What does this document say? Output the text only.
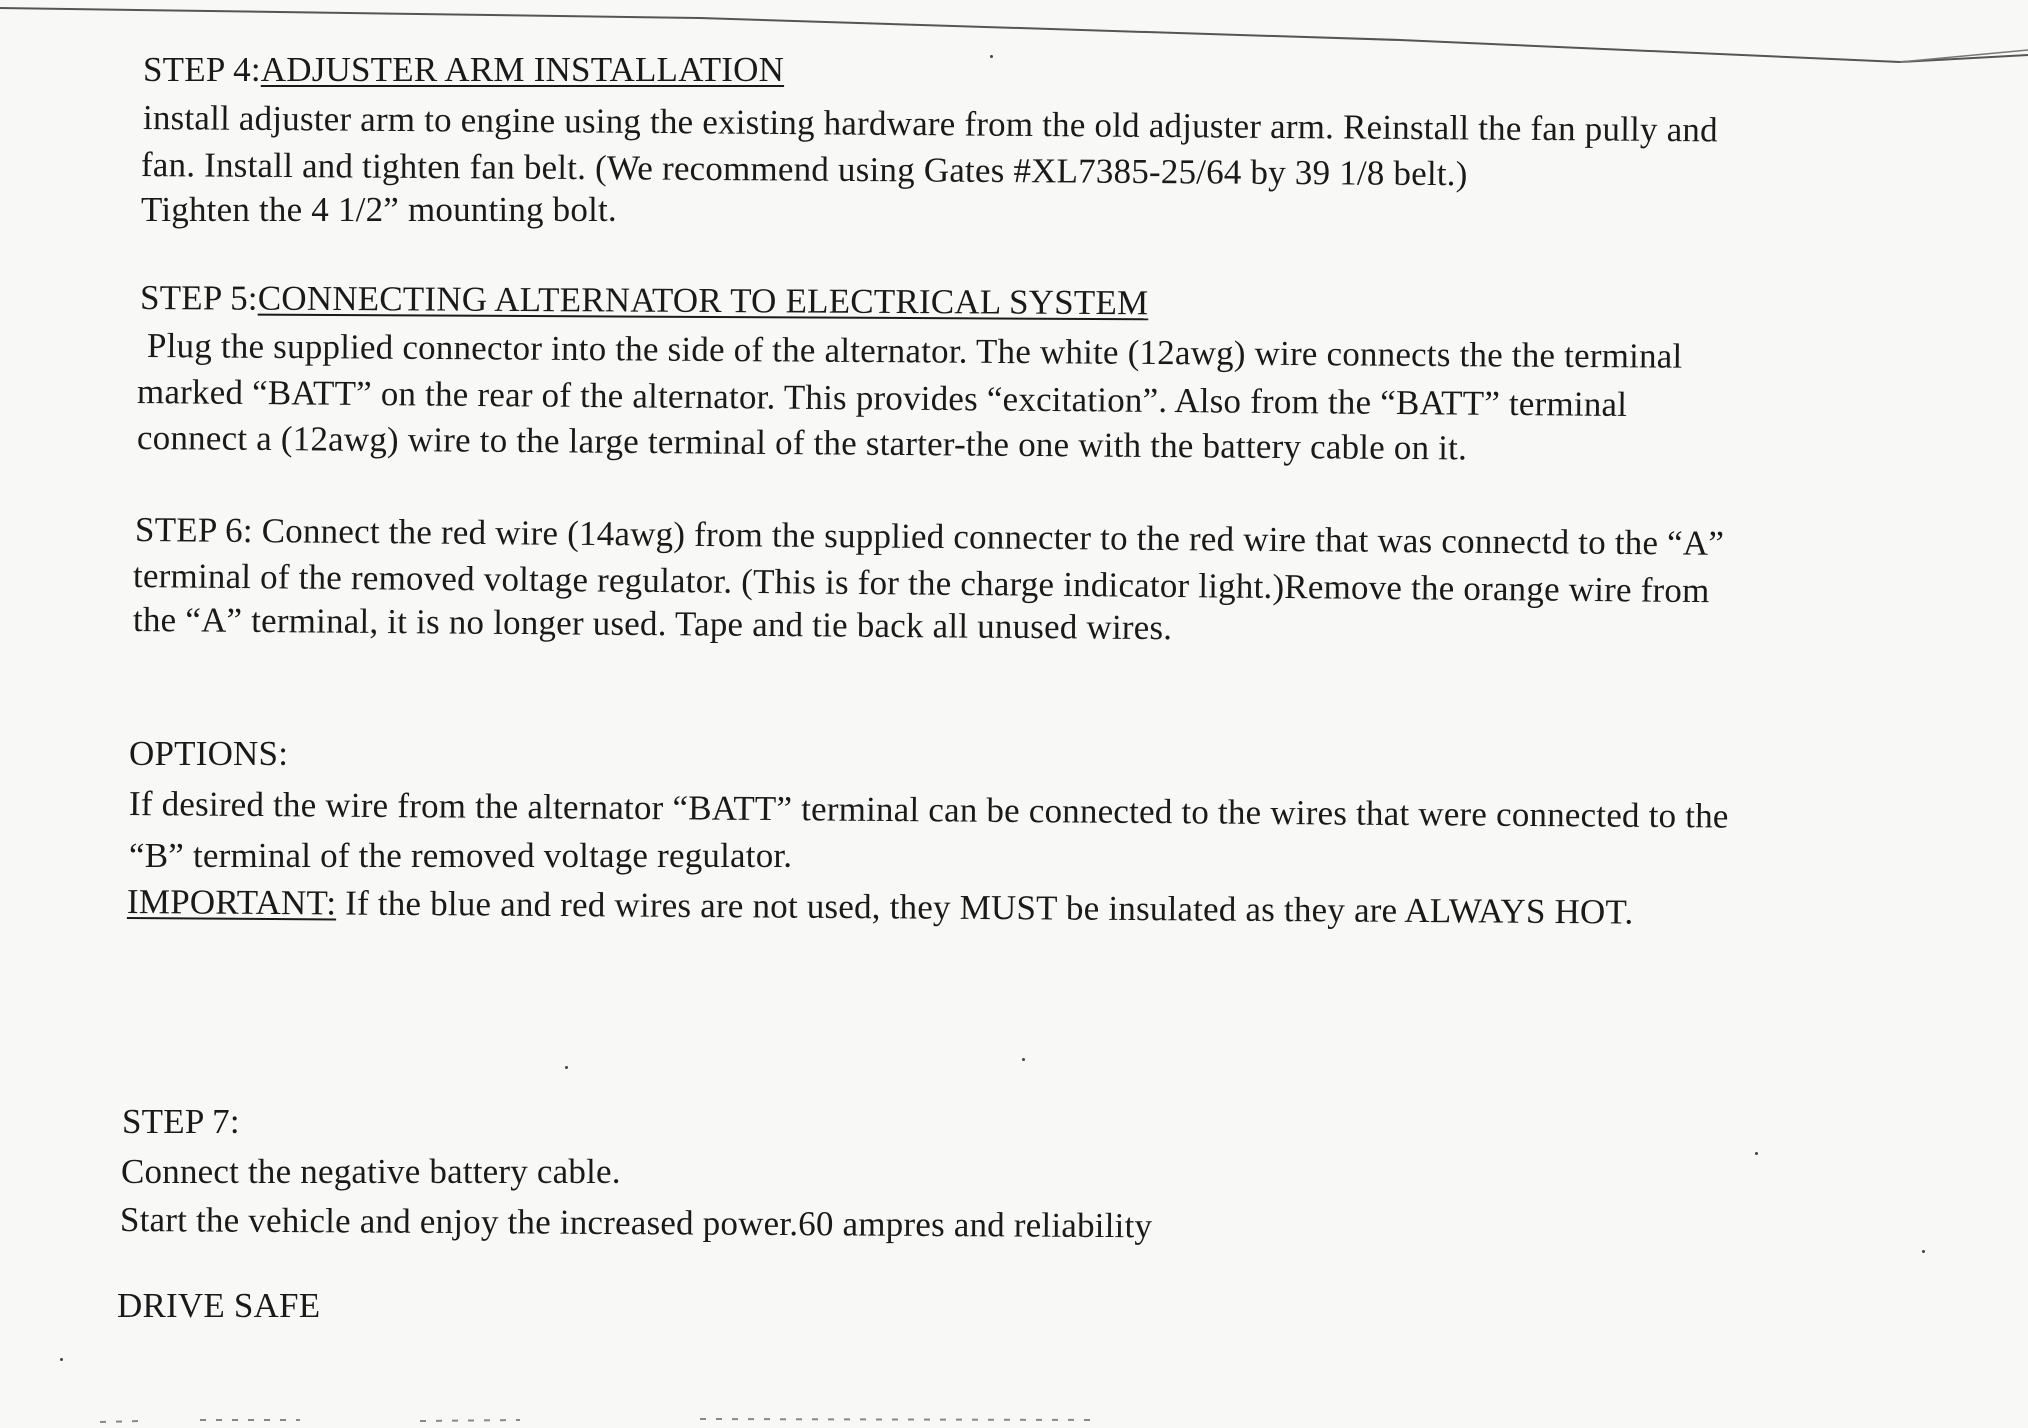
STEP 4:ADJUSTER ARM INSTALLATION
install adjuster arm to engine using the existing hardware from the old adjuster arm. Reinstall the fan pully and
fan. Install and tighten fan belt. (We recommend using Gates #XL7385-25/64 by 39 1/8 belt.)
Tighten the 4 1/2” mounting bolt.
STEP 5:CONNECTING ALTERNATOR TO ELECTRICAL SYSTEM
Plug the supplied connector into the side of the alternator. The white (12awg) wire connects the the terminal
marked “BATT” on the rear of the alternator. This provides “excitation”. Also from the “BATT” terminal
connect a (12awg) wire to the large terminal of the starter-the one with the battery cable on it.
STEP 6: Connect the red wire (14awg) from the supplied connecter to the red wire that was connectd to the “A”
terminal of the removed voltage regulator. (This is for the charge indicator light.)Remove the orange wire from
the “A” terminal, it is no longer used. Tape and tie back all unused wires.
OPTIONS:
If desired the wire from the alternator “BATT” terminal can be connected to the wires that were connected to the
“B” terminal of the removed voltage regulator.
IMPORTANT: If the blue and red wires are not used, they MUST be insulated as they are ALWAYS HOT.
STEP 7:
Connect the negative battery cable.
Start the vehicle and enjoy the increased power.60 ampres and reliability
DRIVE SAFE
